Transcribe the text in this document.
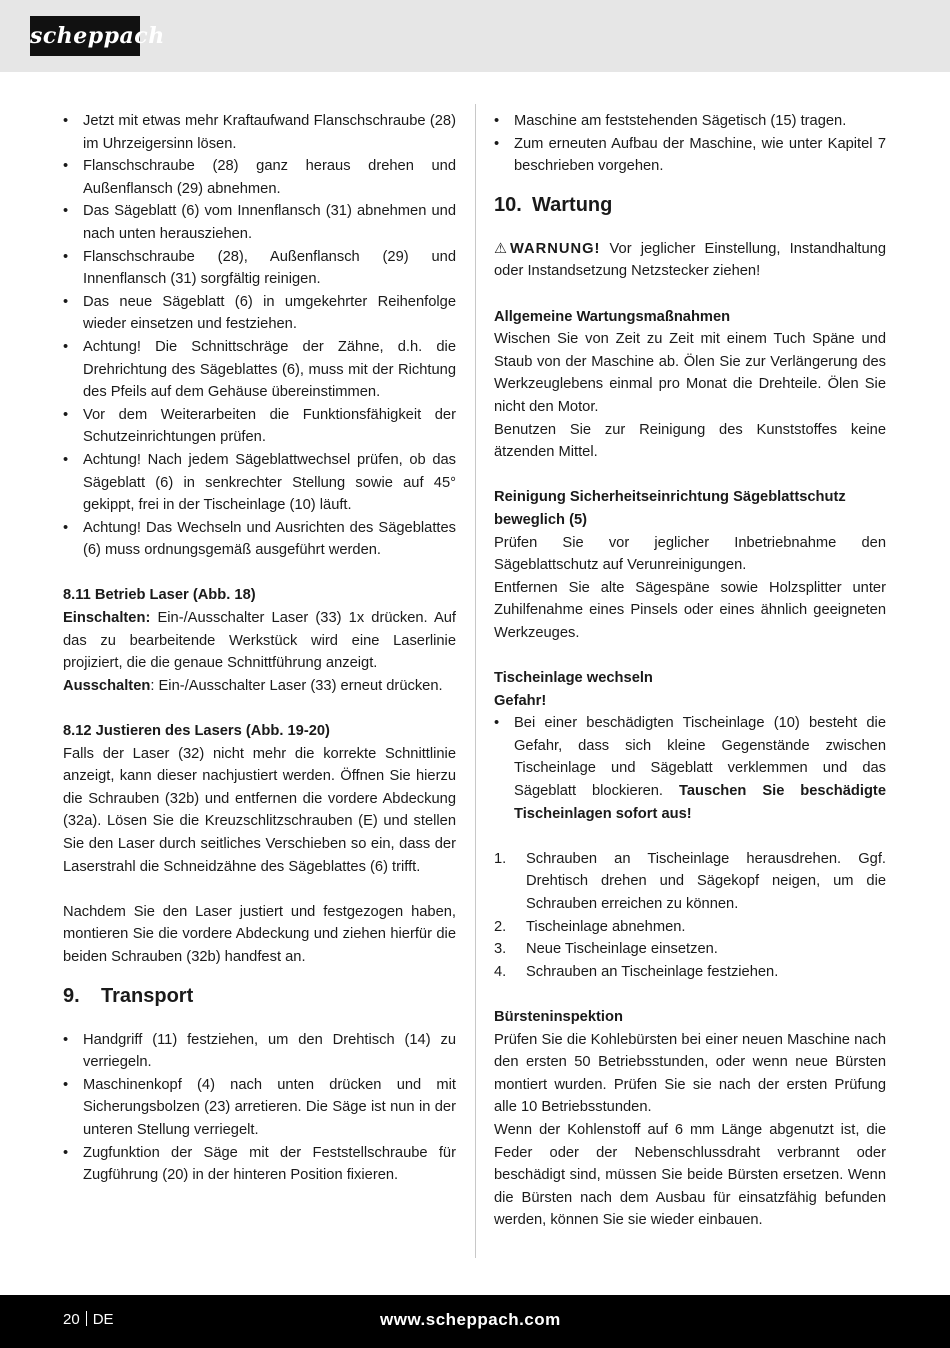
scheppach
• Jetzt mit etwas mehr Kraftaufwand Flanschschraube (28) im Uhrzeigersinn lösen.
• Flanschschraube (28) ganz heraus drehen und Außenflansch (29) abnehmen.
• Das Sägeblatt (6) vom Innenflansch (31) abnehmen und nach unten herausziehen.
• Flanschschraube (28), Außenflansch (29) und Innenflansch (31) sorgfältig reinigen.
• Das neue Sägeblatt (6) in umgekehrter Reihenfolge wieder einsetzen und festziehen.
• Achtung! Die Schnittschräge der Zähne, d.h. die Drehrichtung des Sägeblattes (6), muss mit der Richtung des Pfeils auf dem Gehäuse übereinstimmen.
• Vor dem Weiterarbeiten die Funktionsfähigkeit der Schutzeinrichtungen prüfen.
• Achtung! Nach jedem Sägeblattwechsel prüfen, ob das Sägeblatt (6) in senkrechter Stellung sowie auf 45° gekippt, frei in der Tischeinlage (10) läuft.
• Achtung! Das Wechseln und Ausrichten des Sägeblattes (6) muss ordnungsgemäß ausgeführt werden.
8.11 Betrieb Laser (Abb. 18)
Einschalten: Ein-/Ausschalter Laser (33) 1x drücken. Auf das zu bearbeitende Werkstück wird eine Laserlinie projiziert, die die genaue Schnittführung anzeigt.
Ausschalten: Ein-/Ausschalter Laser (33) erneut drücken.
8.12 Justieren des Lasers (Abb. 19-20)
Falls der Laser (32) nicht mehr die korrekte Schnittlinie anzeigt, kann dieser nachjustiert werden. Öffnen Sie hierzu die Schrauben (32b) und entfernen die vordere Abdeckung (32a). Lösen Sie die Kreuzschlitzschrauben (E) und stellen Sie den Laser durch seitliches Verschieben so ein, dass der Laserstrahl die Schneidzähne des Sägeblattes (6) trifft.
Nachdem Sie den Laser justiert und festgezogen haben, montieren Sie die vordere Abdeckung und ziehen hierfür die beiden Schrauben (32b) handfest an.
9. Transport
• Handgriff (11) festziehen, um den Drehtisch (14) zu verriegeln.
• Maschinenkopf (4) nach unten drücken und mit Sicherungsbolzen (23) arretieren. Die Säge ist nun in der unteren Stellung verriegelt.
• Zugfunktion der Säge mit der Feststellschraube für Zugführung (20) in der hinteren Position fixieren.
• Maschine am feststehenden Sägetisch (15) tragen.
• Zum erneuten Aufbau der Maschine, wie unter Kapitel 7 beschrieben vorgehen.
10. Wartung
⚠ WARNUNG! Vor jeglicher Einstellung, Instandhaltung oder Instandsetzung Netzstecker ziehen!
Allgemeine Wartungsmaßnahmen
Wischen Sie von Zeit zu Zeit mit einem Tuch Späne und Staub von der Maschine ab. Ölen Sie zur Verlängerung des Werkzeuglebens einmal pro Monat die Drehteile. Ölen Sie nicht den Motor.
Benutzen Sie zur Reinigung des Kunststoffes keine ätzenden Mittel.
Reinigung Sicherheitseinrichtung Sägeblattschutz beweglich (5)
Prüfen Sie vor jeglicher Inbetriebnahme den Sägeblattschutz auf Verunreinigungen.
Entfernen Sie alte Sägespäne sowie Holzsplitter unter Zuhilfenahme eines Pinsels oder eines ähnlich geeigneten Werkzeuges.
Tischeinlage wechseln
Gefahr!
• Bei einer beschädigten Tischeinlage (10) besteht die Gefahr, dass sich kleine Gegenstände zwischen Tischeinlage und Sägeblatt verklemmen und das Sägeblatt blockieren. Tauschen Sie beschädigte Tischeinlagen sofort aus!
1. Schrauben an Tischeinlage herausdrehen. Ggf. Drehtisch drehen und Sägekopf neigen, um die Schrauben erreichen zu können.
2. Tischeinlage abnehmen.
3. Neue Tischeinlage einsetzen.
4. Schrauben an Tischeinlage festziehen.
Bürsteninspektion
Prüfen Sie die Kohlebürsten bei einer neuen Maschine nach den ersten 50 Betriebsstunden, oder wenn neue Bürsten montiert wurden. Prüfen Sie sie nach der ersten Prüfung alle 10 Betriebsstunden.
Wenn der Kohlenstoff auf 6 mm Länge abgenutzt ist, die Feder oder der Nebenschlussdraht verbrannt oder beschädigt sind, müssen Sie beide Bürsten ersetzen. Wenn die Bürsten nach dem Ausbau für einsatzfähig befunden werden, können Sie sie wieder einbauen.
20 DE	www.scheppach.com
